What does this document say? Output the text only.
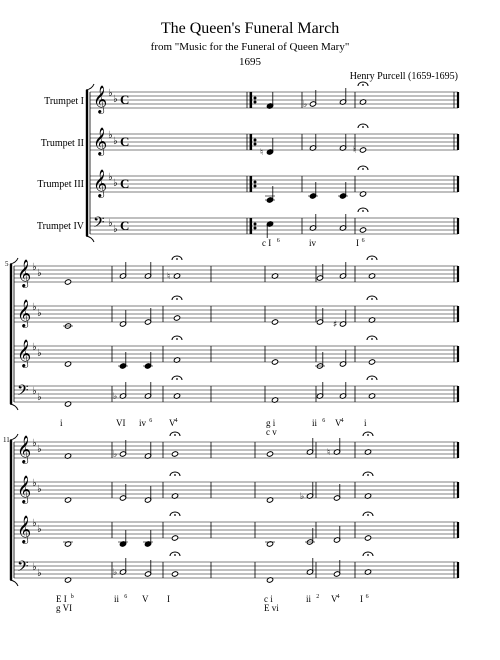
The Queen's Funeral March
from "Music for the Funeral of Queen Mary"
1695
Henry Purcell (1659-1695)
Trumpet I
Trumpet II
Trumpet III
Trumpet IV
𝄞 ♭
♭ C
𝄞 ♭
♭ C
𝄞 ♭
♭ C
𝄢 ♭
♭ C
𝄞 ♭
♭
𝄞 ♭
♭
𝄞 ♭
♭
𝄢 ♭
♭
𝄞 ♭
♭
𝄞 ♭
♭
𝄞 ♭
♭
𝄢 ♭
♭
♮
♭
♮
♭
♮
♯
♭
♭
♮
♭
5
11
c I 6	iv	I 6
i	VI iv 6 V 4	g i
c v
ii 6 V 4 i
E I b
g VI
ii 6 V I	c i
E vi
ii 2 V 4 I 6
